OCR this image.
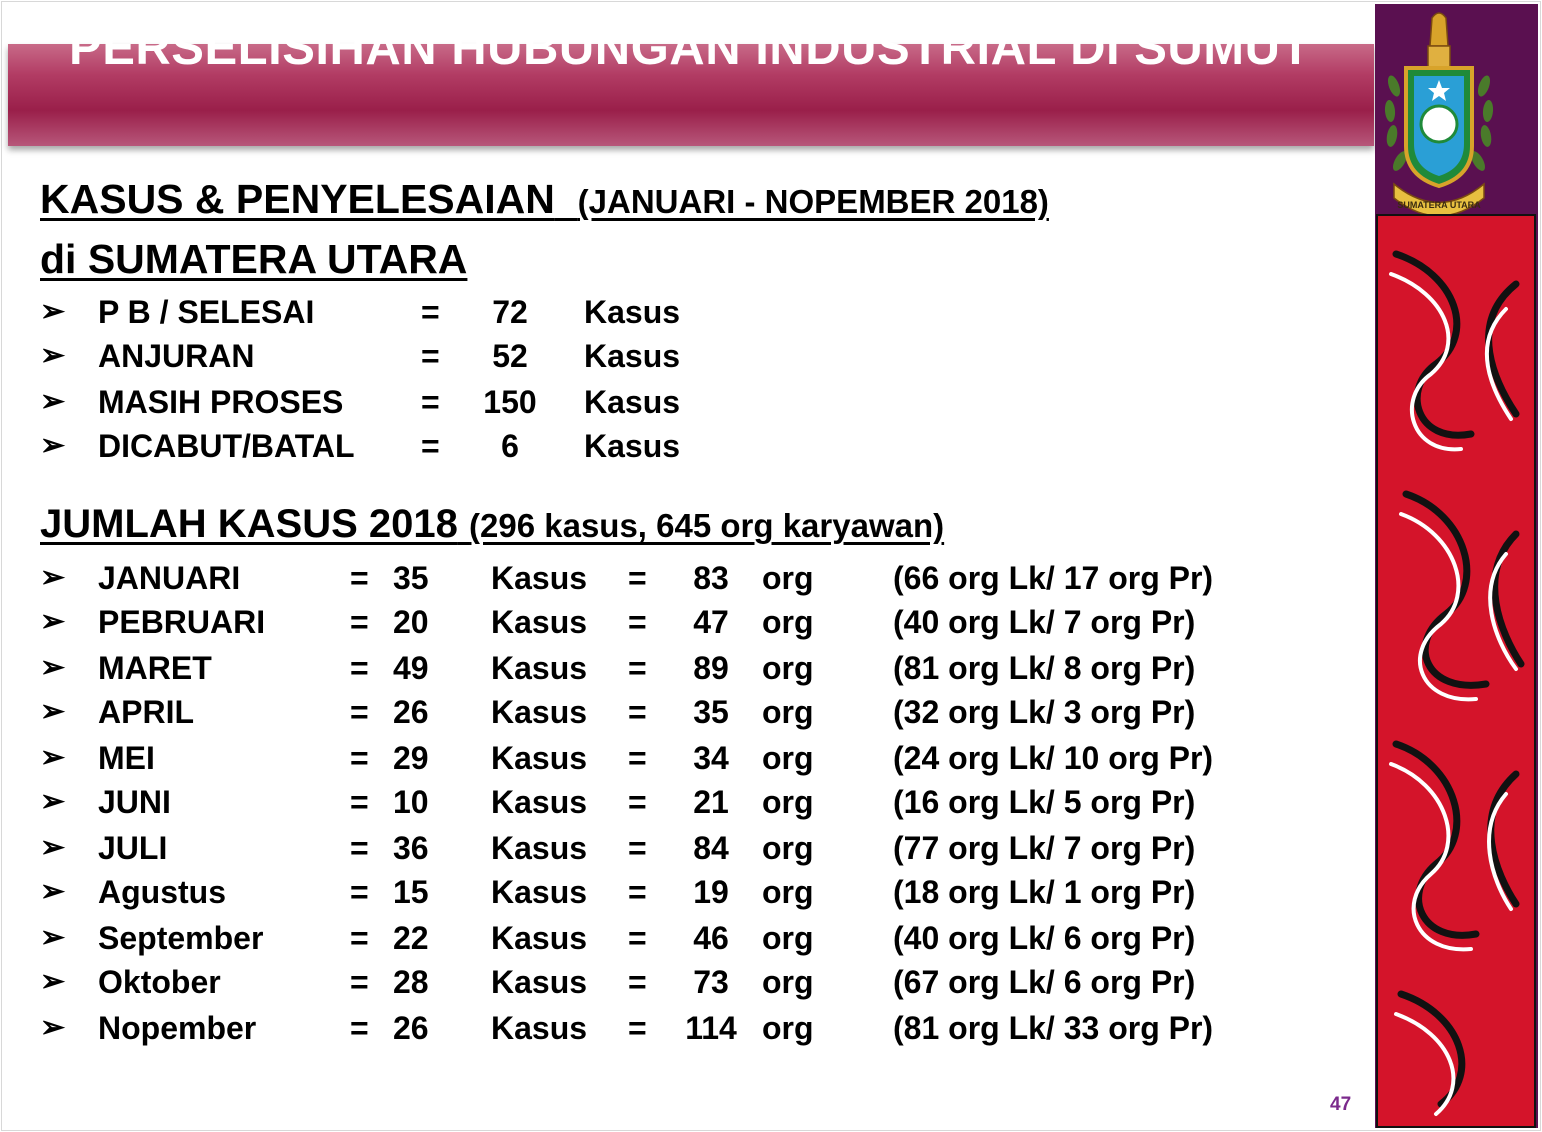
PERSELISIHAN HUBUNGAN INDUSTRIAL DI SUMUT
SUMATERA UTARA
KASUS & PENYELESAIAN (JANUARI - NOPEMBER 2018)
di SUMATERA UTARA
➢ P B / SELESAI	=	72	Kasus
➢ ANJURAN	=	52	Kasus
➢ MASIH PROSES =	150	Kasus
➢ DICABUT/BATAL =	6	Kasus
JUMLAH KASUS 2018 (296 kasus, 645 org karyawan)
➢ JANUARI	= 35 Kasus =	83	org (66 org Lk/ 17 org Pr)
➢ PEBRUARI	= 20 Kasus =	47	org (40 org Lk/ 7 org Pr)
➢ MARET	= 49 Kasus =	89	org (81 org Lk/ 8 org Pr)
➢ APRIL	= 26 Kasus =	35	org (32 org Lk/ 3 org Pr)
➢ MEI	= 29 Kasus =	34	org (24 org Lk/ 10 org Pr)
➢ JUNI	= 10 Kasus =	21	org (16 org Lk/ 5 org Pr)
➢ JULI	= 36 Kasus =	84	org (77 org Lk/ 7 org Pr)
➢ Agustus	= 15 Kasus =	19	org (18 org Lk/ 1 org Pr)
➢ September	= 22 Kasus =	46	org (40 org Lk/ 6 org Pr)
➢ Oktober	= 28 Kasus =	73	org (67 org Lk/ 6 org Pr)
➢ Nopember	= 26 Kasus = 114 org (81 org Lk/ 33 org Pr)
47
